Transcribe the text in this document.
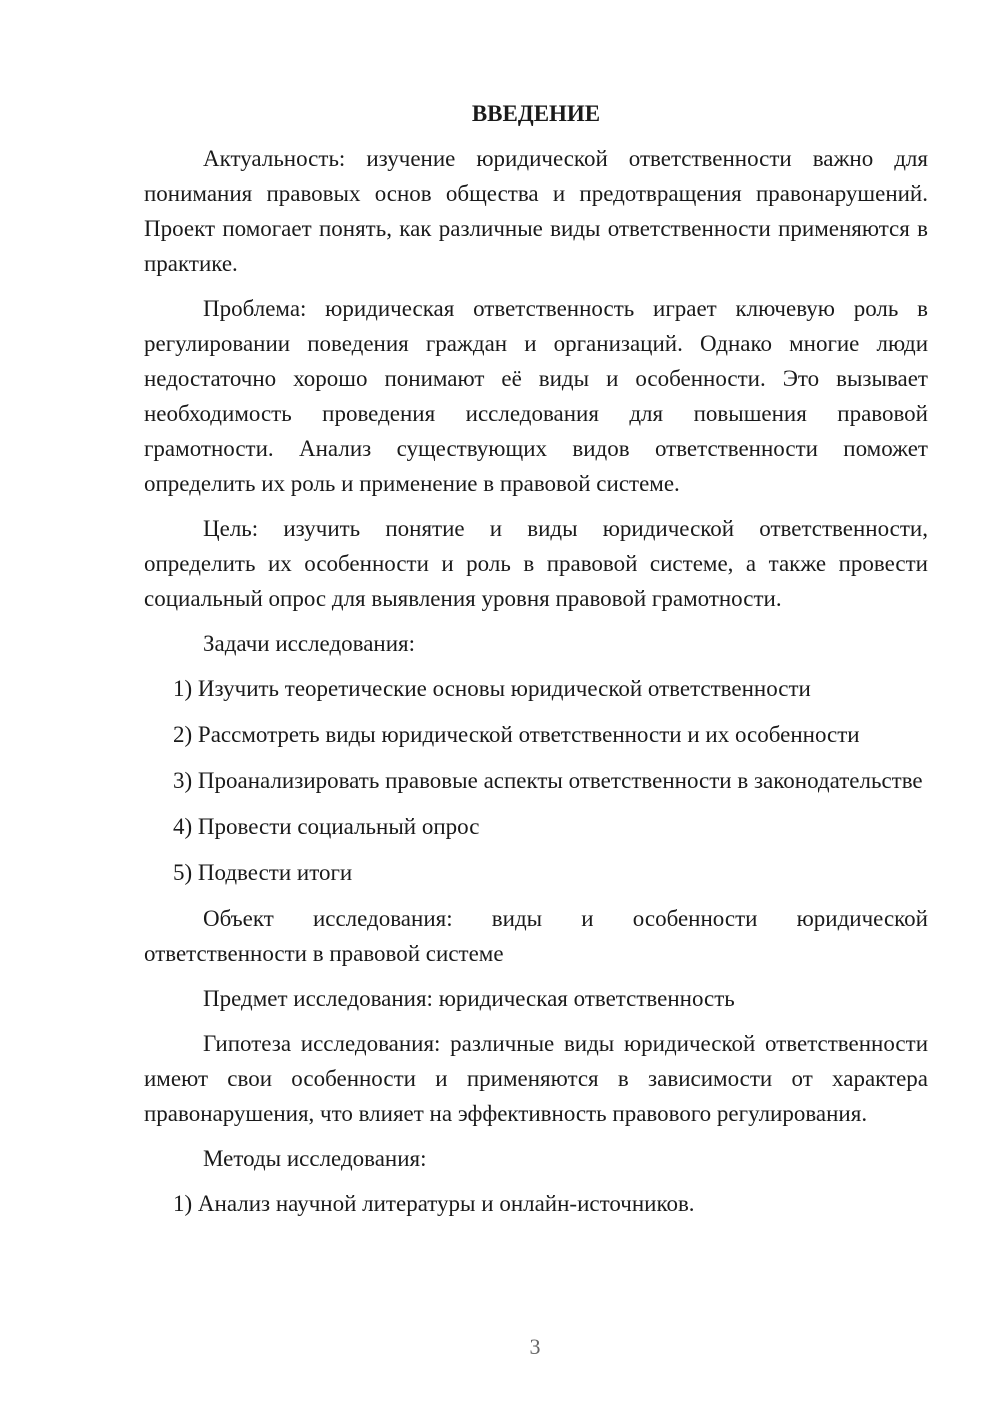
ВВЕДЕНИЕ
Актуальность: изучение юридической ответственности важно для понимания правовых основ общества и предотвращения правонарушений. Проект помогает понять, как различные виды ответственности применяются в практике.
Проблема: юридическая ответственность играет ключевую роль в регулировании поведения граждан и организаций. Однако многие люди недостаточно хорошо понимают её виды и особенности. Это вызывает необходимость проведения исследования для повышения правовой грамотности. Анализ существующих видов ответственности поможет определить их роль и применение в правовой системе.
Цель: изучить понятие и виды юридической ответственности, определить их особенности и роль в правовой системе, а также провести социальный опрос для выявления уровня правовой грамотности.
Задачи исследования:
1) Изучить теоретические основы юридической ответственности
2) Рассмотреть виды юридической ответственности и их особенности
3) Проанализировать правовые аспекты ответственности в законодательстве
4) Провести социальный опрос
5) Подвести итоги
Объект исследования: виды и особенности юридической ответственности в правовой системе
Предмет исследования: юридическая ответственность
Гипотеза исследования: различные виды юридической ответственности имеют свои особенности и применяются в зависимости от характера правонарушения, что влияет на эффективность правового регулирования.
Методы исследования:
1) Анализ научной литературы и онлайн-источников.
3
